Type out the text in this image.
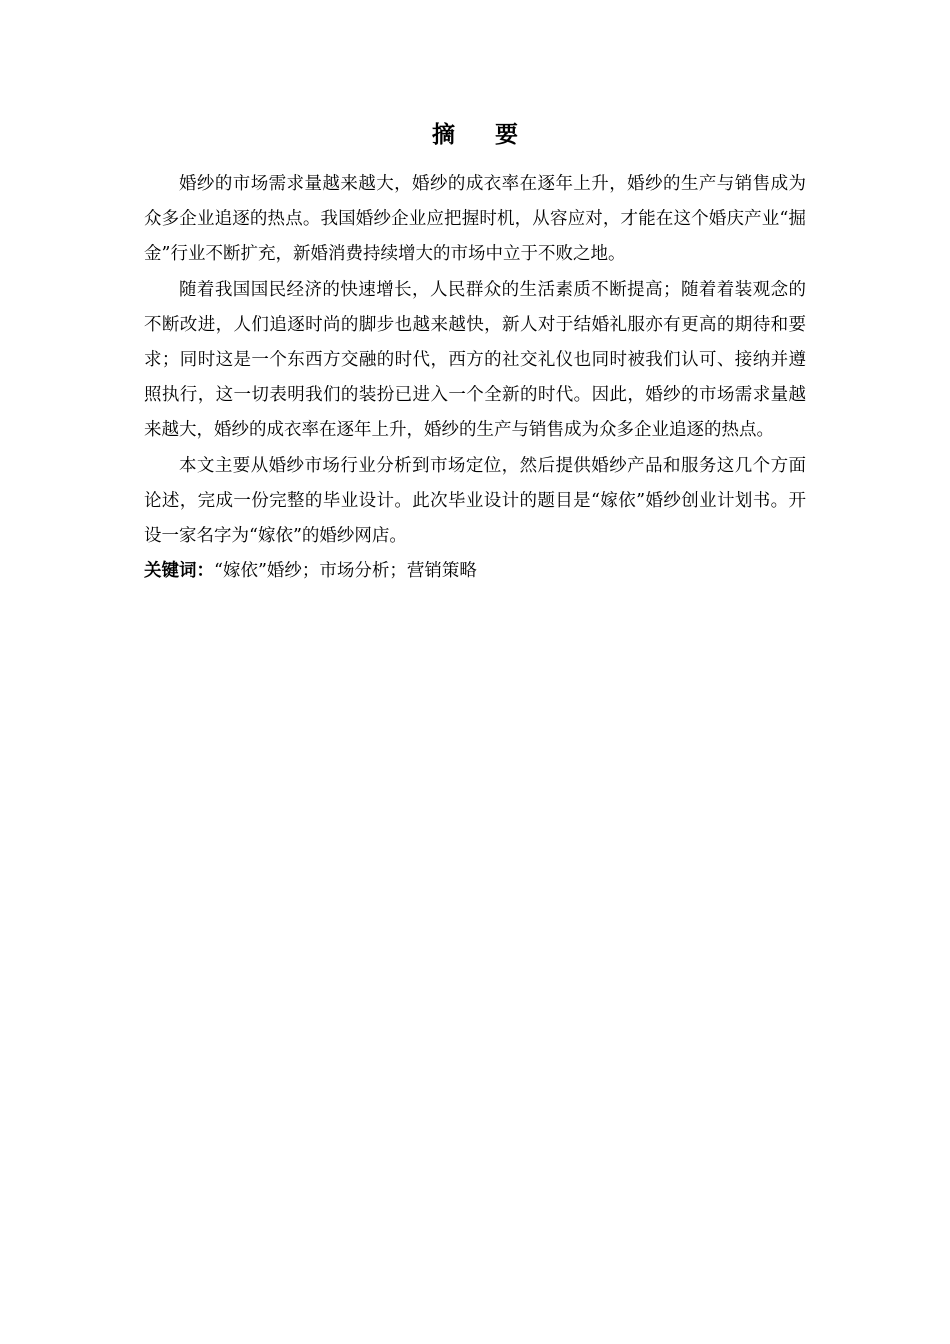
摘 要

婚纱的市场需求量越来越大，婚纱的成衣率在逐年上升，婚纱的生产与销售成为众多企业追逐的热点。我国婚纱企业应把握时机，从容应对，才能在这个婚庆产业“掘金”行业不断扩充，新婚消费持续增大的市场中立于不败之地。

随着我国国民经济的快速增长，人民群众的生活素质不断提高；随着着装观念的不断改进，人们追逐时尚的脚步也越来越快，新人对于结婚礼服亦有更高的期待和要求；同时这是一个东西方交融的时代，西方的社交礼仪也同时被我们认可、接纳并遵照执行，这一切表明我们的装扮已进入一个全新的时代。因此，婚纱的市场需求量越来越大，婚纱的成衣率在逐年上升，婚纱的生产与销售成为众多企业追逐的热点。

本文主要从婚纱市场行业分析到市场定位，然后提供婚纱产品和服务这几个方面论述，完成一份完整的毕业设计。此次毕业设计的题目是“嫁依”婚纱创业计划书。开设一家名字为“嫁依”的婚纱网店。

关键词：“嫁依”婚纱；市场分析；营销策略
